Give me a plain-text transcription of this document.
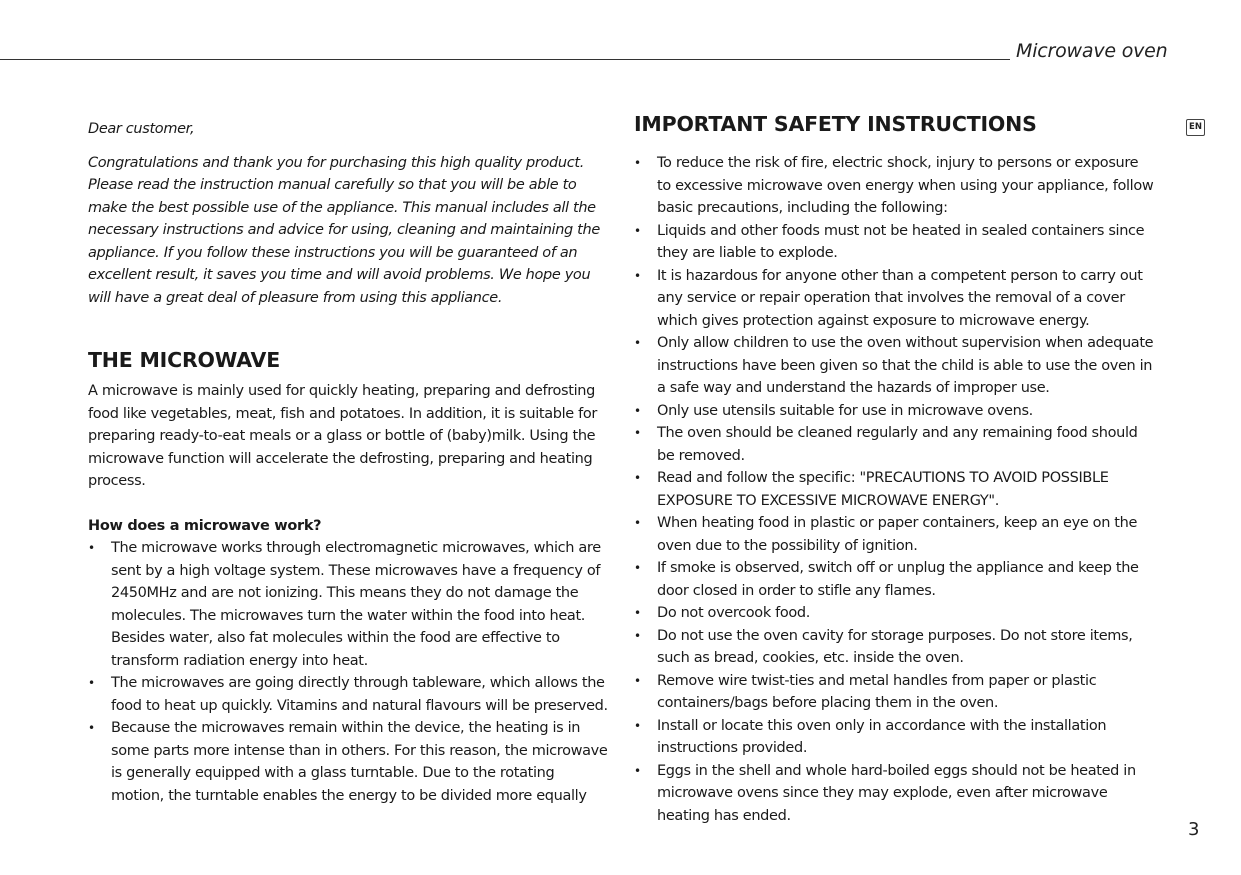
Microwave oven
EN

Dear customer,

Congratulations and thank you for purchasing this high quality product. Please read the instruction manual carefully so that you will be able to make the best possible use of the appliance. This manual includes all the necessary instructions and advice for using, cleaning and maintaining the appliance. If you follow these instructions you will be guaranteed of an excellent result, it saves you time and will avoid problems. We hope you will have a great deal of pleasure from using this appliance.

THE MICROWAVE

A microwave is mainly used for quickly heating, preparing and defrosting food like vegetables, meat, fish and potatoes. In addition, it is suitable for preparing ready-to-eat meals or a glass or bottle of (baby)milk. Using the microwave function will accelerate the defrosting, preparing and heating process.

How does a microwave work?

• The microwave works through electromagnetic microwaves, which are sent by a high voltage system. These microwaves have a frequency of 2450MHz and are not ionizing. This means they do not damage the molecules. The microwaves turn the water within the food into heat. Besides water, also fat molecules within the food are effective to transform radiation energy into heat.
• The microwaves are going directly through tableware, which allows the food to heat up quickly. Vitamins and natural flavours will be preserved.
• Because the microwaves remain within the device, the heating is in some parts more intense than in others. For this reason, the microwave is generally equipped with a glass turntable. Due to the rotating motion, the turntable enables the energy to be divided more equally
IMPORTANT SAFETY INSTRUCTIONS
• To reduce the risk of fire, electric shock, injury to persons or exposure to excessive microwave oven energy when using your appliance, follow basic precautions, including the following:
• Liquids and other foods must not be heated in sealed containers since they are liable to explode.
• It is hazardous for anyone other than a competent person to carry out any service or repair operation that involves the removal of a cover which gives protection against exposure to microwave energy.
• Only allow children to use the oven without supervision when adequate instructions have been given so that the child is able to use the oven in a safe way and understand the hazards of improper use.
• Only use utensils suitable for use in microwave ovens.
• The oven should be cleaned regularly and any remaining food should be removed.
• Read and follow the specific: "PRECAUTIONS TO AVOID POSSIBLE EXPOSURE TO EXCESSIVE MICROWAVE ENERGY".
• When heating food in plastic or paper containers, keep an eye on the oven due to the possibility of ignition.
• If smoke is observed, switch off or unplug the appliance and keep the door closed in order to stifle any flames.
• Do not overcook food.
• Do not use the oven cavity for storage purposes. Do not store items, such as bread, cookies, etc. inside the oven.
• Remove wire twist-ties and metal handles from paper or plastic containers/bags before placing them in the oven.
• Install or locate this oven only in accordance with the installation instructions provided.
• Eggs in the shell and whole hard-boiled eggs should not be heated in microwave ovens since they may explode, even after microwave heating has ended.
3
